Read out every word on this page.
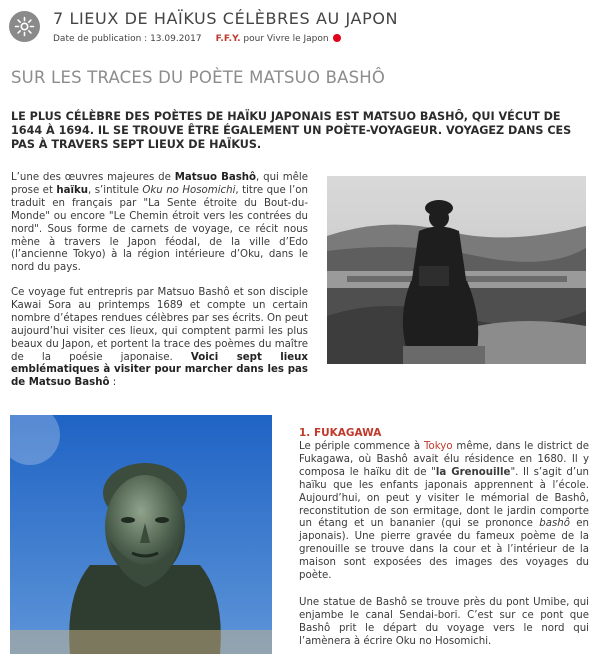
7 LIEUX DE HAÏKUS CÉLÈBRES AU JAPON
Date de publication : 13.09.2017 F.F.Y. pour Vivre le Japon
SUR LES TRACES DU POÈTE MATSUO BASHÔ
LE PLUS CÉLÈBRE DES POÈTES DE HAÏKU JAPONAIS EST MATSUO BASHÔ, QUI VÉCUT DE 1644 À 1694. IL SE TROUVE ÊTRE ÉGALEMENT UN POÈTE-VOYAGEUR. VOYAGEZ DANS CES PAS À TRAVERS SEPT LIEUX DE HAÏKUS.

L’une des œuvres majeures de Matsuo Bashô, qui mêle prose et haïku, s’intitule Oku no Hosomichi, titre que l’on traduit en français par "La Sente étroite du Bout-du-Monde" ou encore "Le Chemin étroit vers les contrées du nord". Sous forme de carnets de voyage, ce récit nous mène à travers le Japon féodal, de la ville d’Edo (l’ancienne Tokyo) à la région intérieure d’Oku, dans le nord du pays.

Ce voyage fut entrepris par Matsuo Bashô et son disciple Kawai Sora au printemps 1689 et compte un certain nombre d’étapes rendues célèbres par ses écrits. On peut aujourd’hui visiter ces lieux, qui comptent parmi les plus beaux du Japon, et portent la trace des poèmes du maître de la poésie japonaise. Voici sept lieux emblématiques à visiter pour marcher dans les pas de Matsuo Bashô :

1. FUKAGAWA

Le périple commence à Tokyo même, dans le district de Fukagawa, où Bashô avait élu résidence en 1680. Il y composa le haïku dit de "la Grenouille". Il s’agit d’un haïku que les enfants japonais apprennent à l’école. Aujourd’hui, on peut y visiter le mémorial de Bashô, reconstitution de son ermitage, dont le jardin comporte un étang et un bananier (qui se prononce bashô en japonais). Une pierre gravée du fameux poème de la grenouille se trouve dans la cour et à l’intérieur de la maison sont exposées des images des voyages du poète.

Une statue de Bashô se trouve près du pont Umibe, qui enjambe le canal Sendai-bori. C’est sur ce pont que Bashô prit le départ du voyage vers le nord qui l’amènera à écrire Oku no Hosomichi.
